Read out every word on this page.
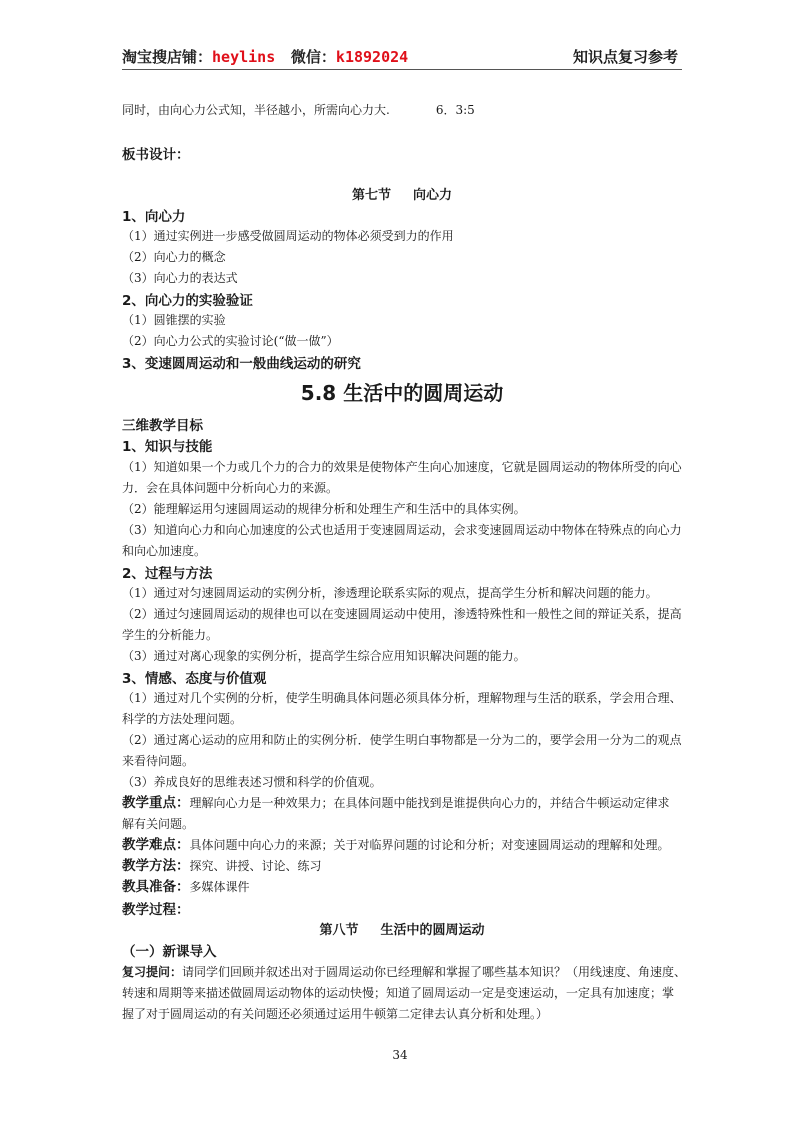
淘宝搜店铺：heylins 微信：k1892024	知识点复习参考
同时，由向心力公式知，半径越小，所需向心力大.	6．3:5
板书设计：
第七节 向心力
1、向心力
（1）通过实例进一步感受做圆周运动的物体必须受到力的作用
（2）向心力的概念
（3）向心力的表达式
2、向心力的实验验证
（1）圆锥摆的实验
（2）向心力公式的实验讨论(“做一做”）
3、变速圆周运动和一般曲线运动的研究
5.8 生活中的圆周运动
三维教学目标
1、知识与技能
（1）知道如果一个力或几个力的合力的效果是使物体产生向心加速度，它就是圆周运动的物体所受的向心
力．会在具体问题中分析向心力的来源。
（2）能理解运用匀速圆周运动的规律分析和处理生产和生活中的具体实例。
（3）知道向心力和向心加速度的公式也适用于变速圆周运动，会求变速圆周运动中物体在特殊点的向心力
和向心加速度。
2、过程与方法
（1）通过对匀速圆周运动的实例分析，渗透理论联系实际的观点，提高学生分析和解决问题的能力。
（2）通过匀速圆周运动的规律也可以在变速圆周运动中使用，渗透特殊性和一般性之间的辩证关系，提高
学生的分析能力。
（3）通过对离心现象的实例分析，提高学生综合应用知识解决问题的能力。
3、情感、态度与价值观
（1）通过对几个实例的分析，使学生明确具体问题必须具体分析，理解物理与生活的联系，学会用合理、
科学的方法处理问题。
（2）通过离心运动的应用和防止的实例分析．使学生明白事物都是一分为二的，要学会用一分为二的观点
来看待问题。
（3）养成良好的思维表述习惯和科学的价值观。
教学重点：理解向心力是一种效果力；在具体问题中能找到是谁提供向心力的，并结合牛顿运动定律求
解有关问题。
教学难点：具体问题中向心力的来源；关于对临界问题的讨论和分析；对变速圆周运动的理解和处理。
教学方法：探究、讲授、讨论、练习
教具准备：多媒体课件
教学过程：
第八节 生活中的圆周运动
（一）新课导入
复习提问：请同学们回顾并叙述出对于圆周运动你已经理解和掌握了哪些基本知识？（用线速度、角速度、
转速和周期等来描述做圆周运动物体的运动快慢；知道了圆周运动一定是变速运动，一定具有加速度；掌
握了对于圆周运动的有关问题还必须通过运用牛顿第二定律去认真分析和处理。）
34
